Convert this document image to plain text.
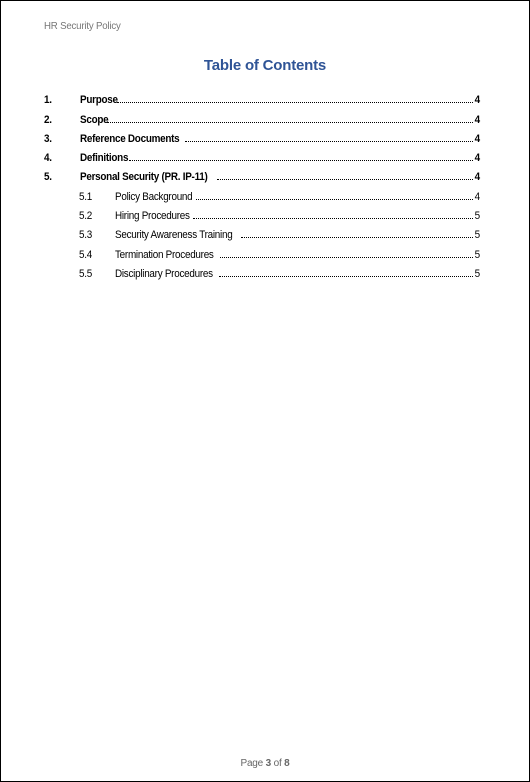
HR Security Policy
Table of Contents
1.	Purpose	4
2.	Scope	4
3.	Reference Documents	4
4.	Definitions	4
5.	Personal Security (PR. IP-11)	4
5.1	Policy Background	4
5.2	Hiring Procedures	5
5.3	Security Awareness Training	5
5.4	Termination Procedures	5
5.5	Disciplinary Procedures	5
Page 3 of 8
